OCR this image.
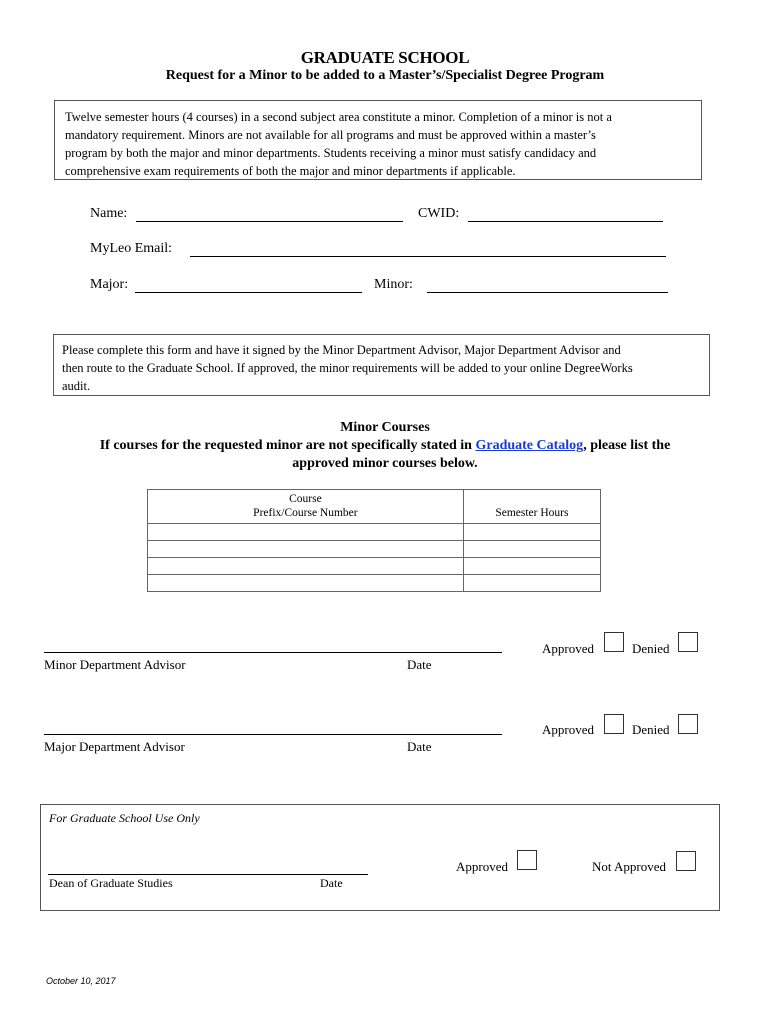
GRADUATE SCHOOL
Request for a Minor to be added to a Master’s/Specialist Degree Program
Twelve semester hours (4 courses) in a second subject area constitute a minor. Completion of a minor is not a
mandatory requirement. Minors are not available for all programs and must be approved within a master’s
program by both the major and minor departments. Students receiving a minor must satisfy candidacy and
comprehensive exam requirements of both the major and minor departments if applicable.
Name:	CWID:
MyLeo Email:
Major:	Minor:
Please complete this form and have it signed by the Minor Department Advisor, Major Department Advisor and
then route to the Graduate School. If approved, the minor requirements will be added to your online DegreeWorks
audit.
Minor Courses
If courses for the requested minor are not specifically stated in Graduate Catalog, please list the
approved minor courses below.
Course
Prefix/Course Number	Semester Hours

Minor Department Advisor	Date
Approved	Denied
Major Department Advisor	Date
Approved	Denied
For Graduate School Use Only
Dean of Graduate Studies	Date
Approved	Not Approved
October 10, 2017
